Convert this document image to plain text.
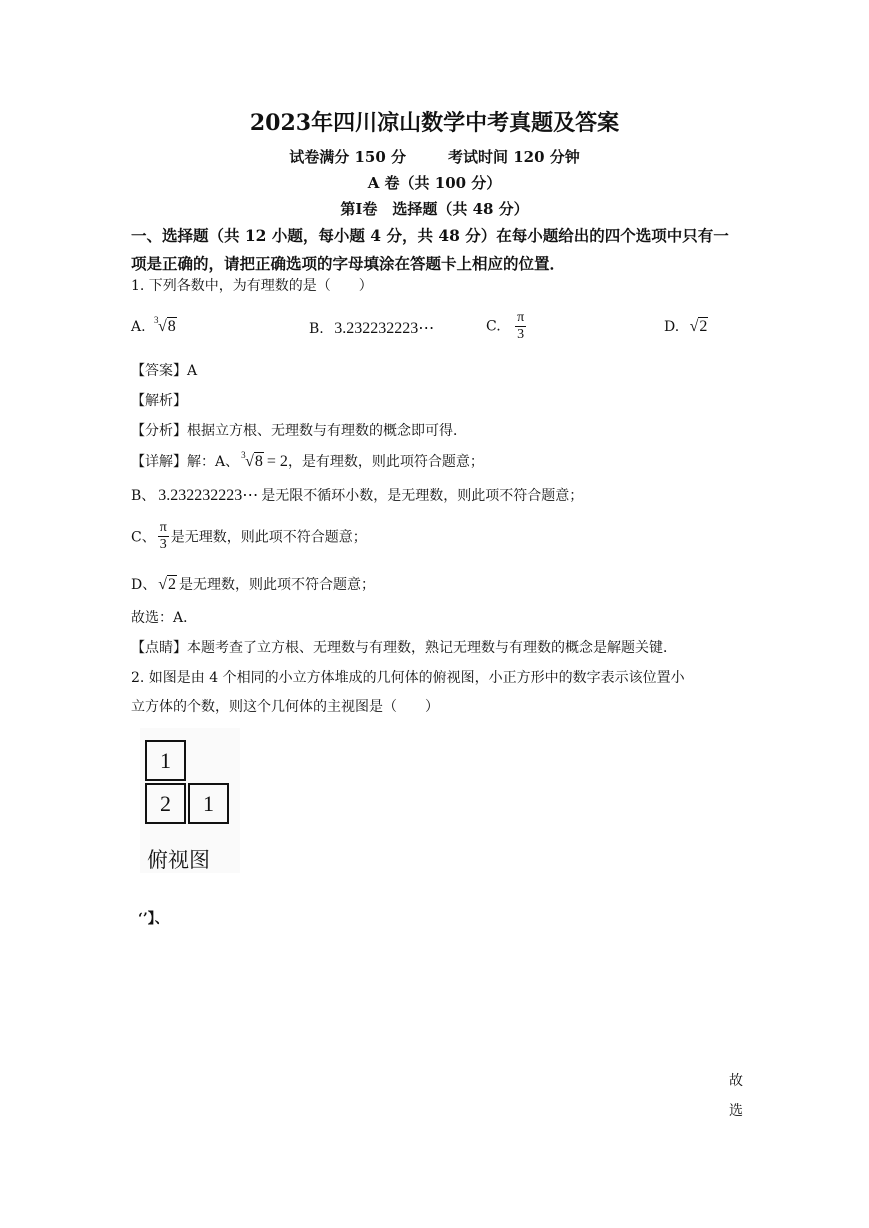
2023年四川凉山数学中考真题及答案
试卷满分 150 分	考试时间 120 分钟
A 卷（共 100 分）
第Ⅰ卷　选择题（共 48 分）
一、选择题（共 12 小题，每小题 4 分，共 48 分）在每小题给出的四个选项中只有一项是正确的，请把正确选项的字母填涂在答题卡上相应的位置．
1. 下列各数中，为有理数的是（　　）
A. 3 √8	B. 3.232232223⋯	C. $\frac{\pi}{3}$	D. √2
【答案】A
【解析】
【分析】根据立方根、无理数与有理数的概念即可得．
【详解】解：A、 3 √8 = 2，是有理数，则此项符合题意；
B、 3.232232223⋯ 是无限不循环小数，是无理数，则此项不符合题意；
C、 $\frac{\pi}{3}$ 是无理数，则此项不符合题意；
D、 √2 是无理数，则此项不符合题意；
故选：A．
【点睛】本题考查了立方根、无理数与有理数，熟记无理数与有理数的概念是解题关键．
2. 如图是由 4 个相同的小立方体堆成的几何体的俯视图，小正方形中的数字表示该位置小
立方体的个数，则这个几何体的主视图是（　　）
1
2	1
俯视图
‘’】、
故
选
